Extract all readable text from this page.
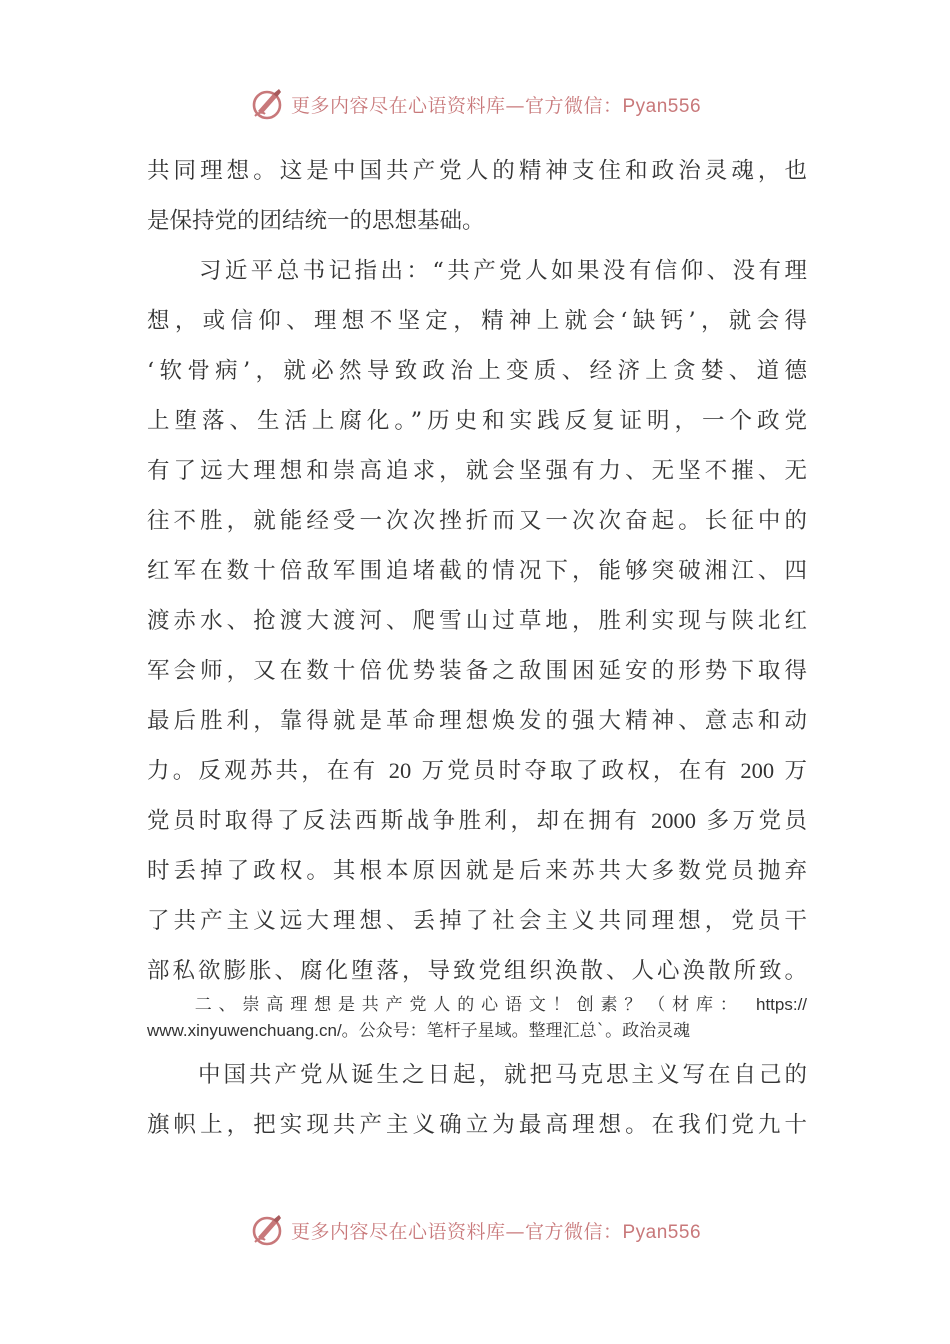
更多内容尽在心语资料库—官方微信：Pyan556
共同理想。这是中国共产党人的精神支住和政治灵魂，也
是保持党的团结统一的思想基础。
　　习近平总书记指出：“共产党人如果没有信仰、没有理
想，或信仰、理想不坚定，精神上就会‘缺钙’，就会得
‘软骨病’，就必然导致政治上变质、经济上贪婪、道德
上堕落、生活上腐化。”历史和实践反复证明，一个政党
有了远大理想和崇高追求，就会坚强有力、无坚不摧、无
往不胜，就能经受一次次挫折而又一次次奋起。长征中的
红军在数十倍敌军围追堵截的情况下，能够突破湘江、四
渡赤水、抢渡大渡河、爬雪山过草地，胜利实现与陕北红
军会师，又在数十倍优势装备之敌围困延安的形势下取得
最后胜利，靠得就是革命理想焕发的强大精神、意志和动
力。反观苏共，在有 20 万党员时夺取了政权，在有 200 万
党员时取得了反法西斯战争胜利，却在拥有 2000 多万党员
时丢掉了政权。其根本原因就是后来苏共大多数党员抛弃
了共产主义远大理想、丢掉了社会主义共同理想，党员干
部私欲膨胀、腐化堕落，导致党组织涣散、人心涣散所致。
　　二、崇高理想是共产党人的心语文！创素？（材库： https://
www.xinyuwenchuang.cn/。公众号：笔杆子星域。整理汇总`。政治灵魂
　　中国共产党从诞生之日起，就把马克思主义写在自己的
旗帜上，把实现共产主义确立为最高理想。在我们党九十
更多内容尽在心语资料库—官方微信：Pyan556
